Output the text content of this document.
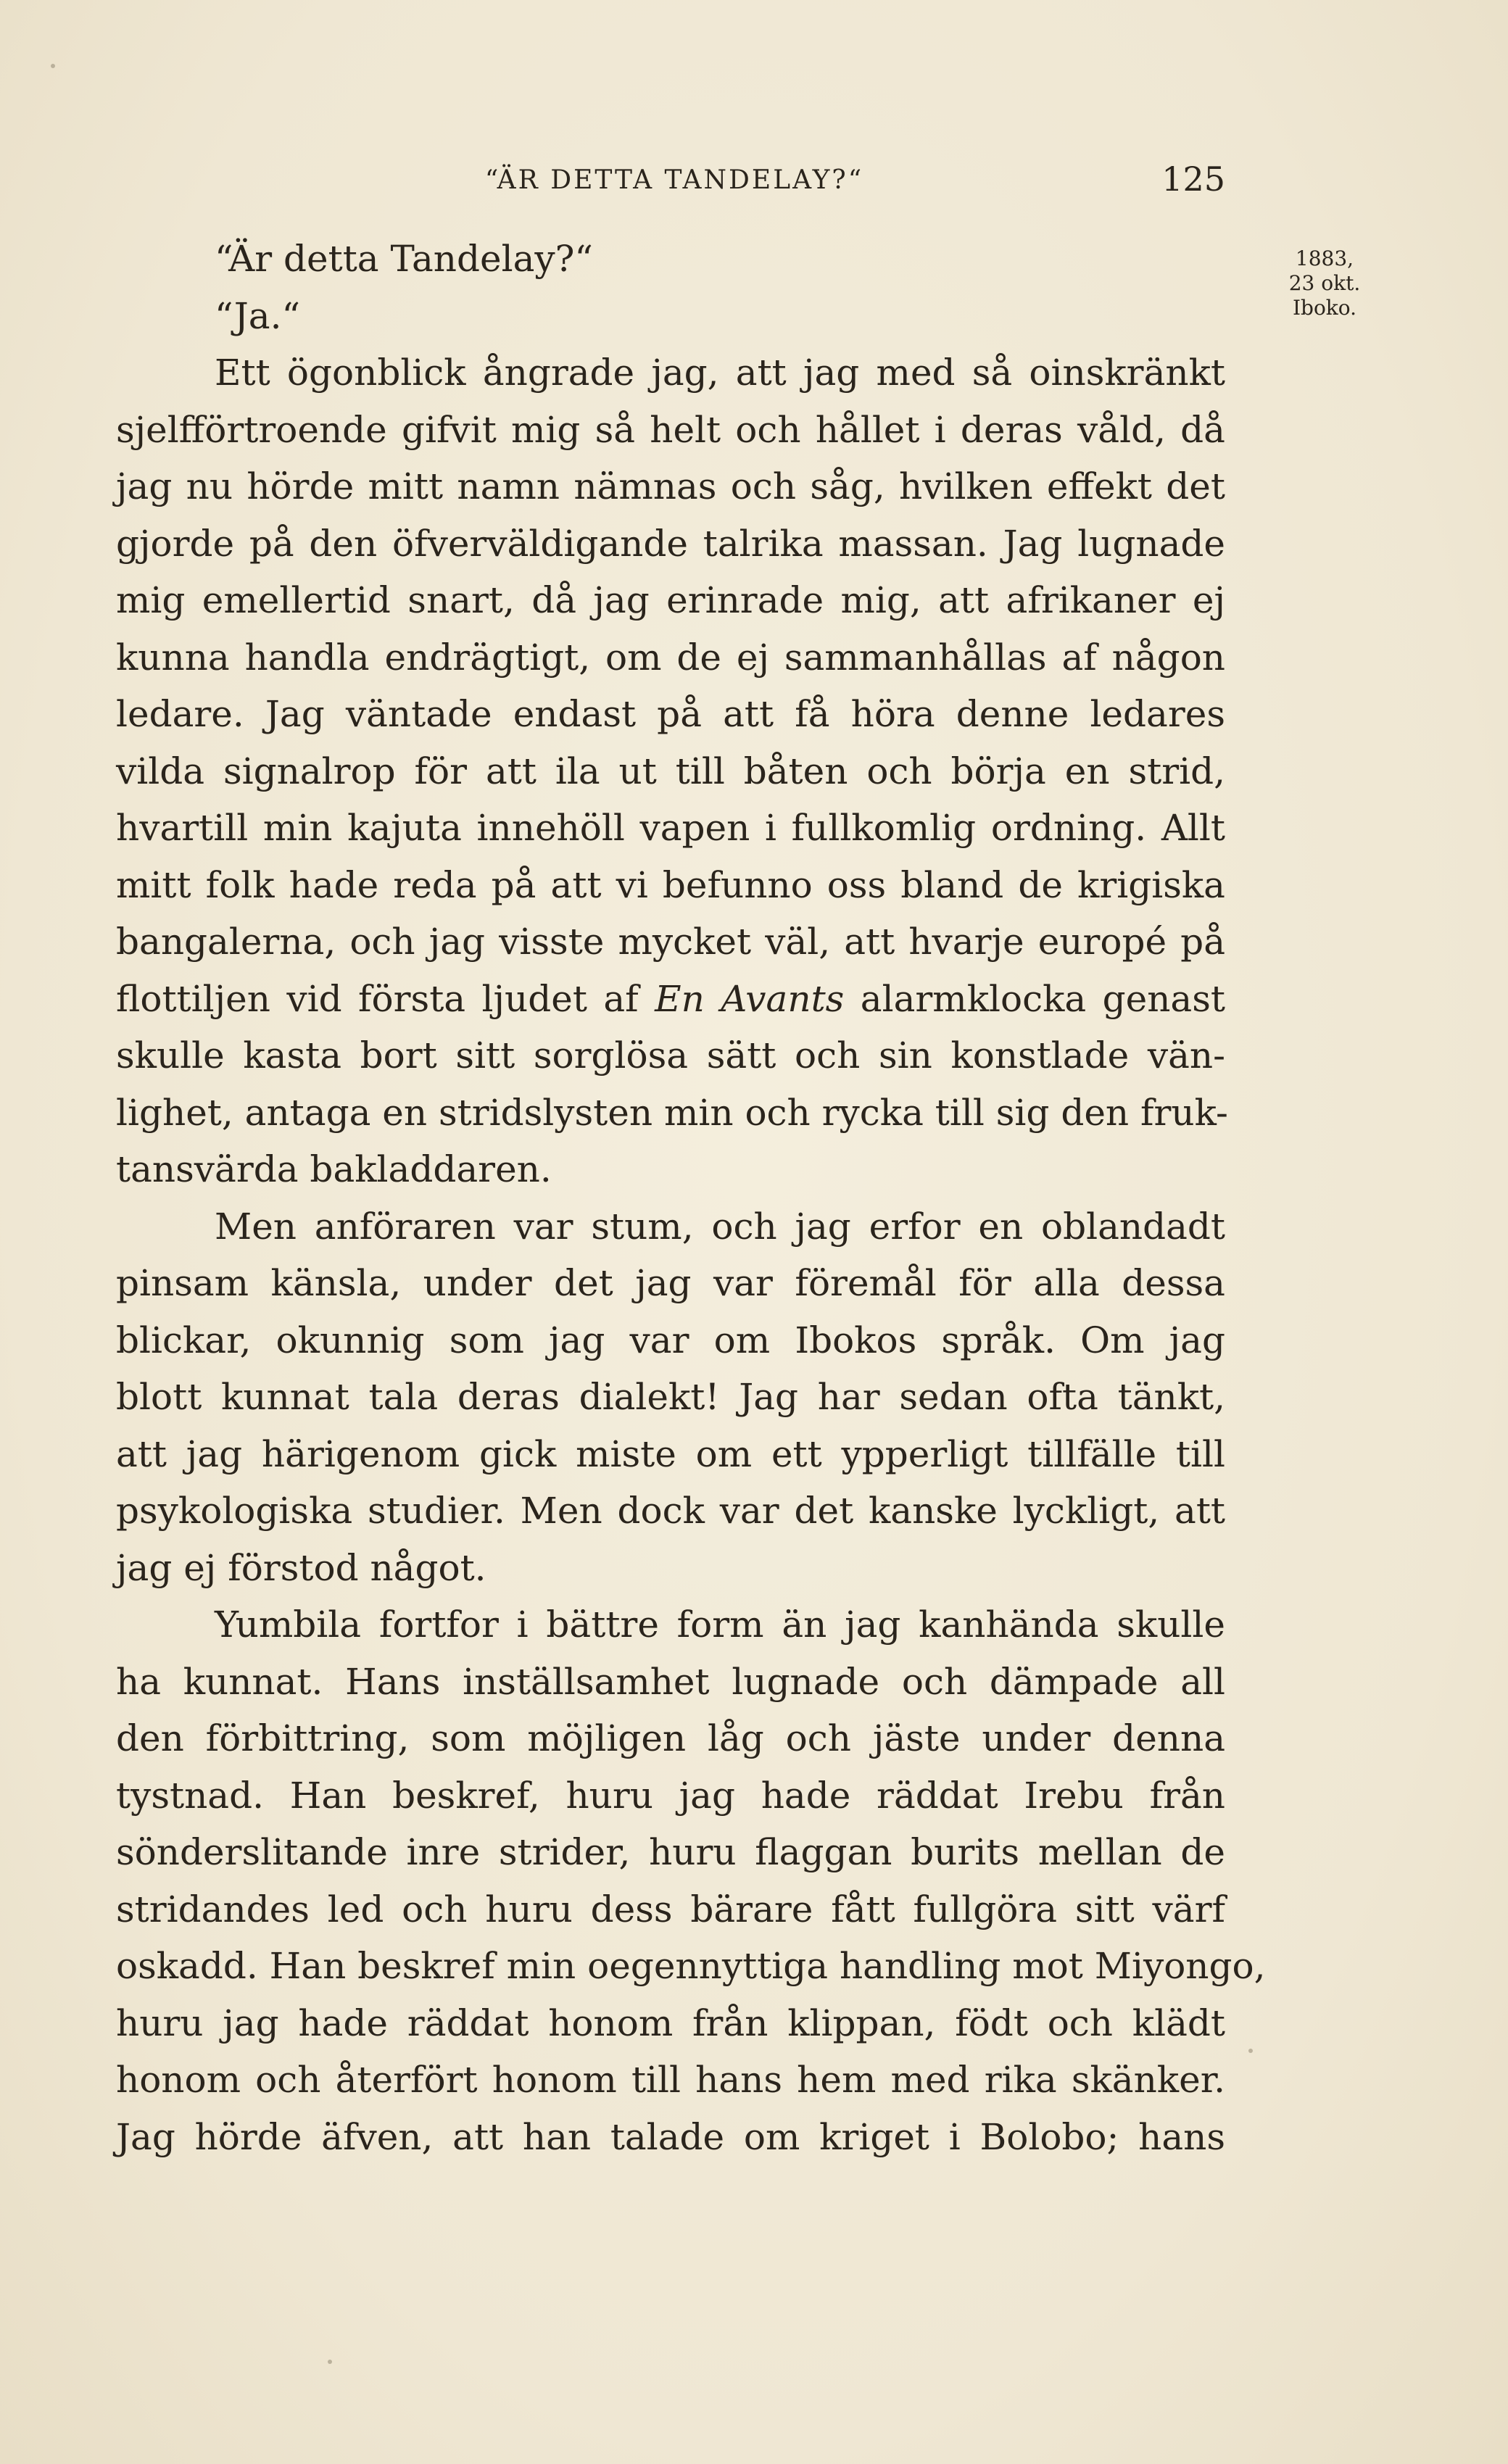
“ÄR DETTA TANDELAY?“	125
1883,
23 okt.
Iboko.
“Är detta Tandelay?“
“Ja.“
Ett ögonblick ångrade jag, att jag med så oinskränkt
sjelfförtroende gifvit mig så helt och hållet i deras våld, då
jag nu hörde mitt namn nämnas och såg, hvilken effekt det
gjorde på den öfverväldigande talrika massan. Jag lugnade
mig emellertid snart, då jag erinrade mig, att afrikaner ej
kunna handla endrägtigt, om de ej sammanhållas af någon
ledare. Jag väntade endast på att få höra denne ledares
vilda signalrop för att ila ut till båten och börja en strid,
hvartill min kajuta innehöll vapen i fullkomlig ordning. Allt
mitt folk hade reda på att vi befunno oss bland de krigiska
bangalerna, och jag visste mycket väl, att hvarje europé på
flottiljen vid första ljudet af En Avants alarmklocka genast
skulle kasta bort sitt sorglösa sätt och sin konstlade vän-
lighet, antaga en stridslysten min och rycka till sig den fruk-
tansvärda bakladdaren.
Men anföraren var stum, och jag erfor en oblandadt
pinsam känsla, under det jag var föremål för alla dessa
blickar, okunnig som jag var om Ibokos språk. Om jag
blott kunnat tala deras dialekt! Jag har sedan ofta tänkt,
att jag härigenom gick miste om ett ypperligt tillfälle till
psykologiska studier. Men dock var det kanske lyckligt, att
jag ej förstod något.
Yumbila fortfor i bättre form än jag kanhända skulle
ha kunnat. Hans inställsamhet lugnade och dämpade all
den förbittring, som möjligen låg och jäste under denna
tystnad. Han beskref, huru jag hade räddat Irebu från
sönderslitande inre strider, huru flaggan burits mellan de
stridandes led och huru dess bärare fått fullgöra sitt värf
oskadd. Han beskref min oegennyttiga handling mot Miyongo,
huru jag hade räddat honom från klippan, födt och klädt
honom och återfört honom till hans hem med rika skänker.
Jag hörde äfven, att han talade om kriget i Bolobo; hans
